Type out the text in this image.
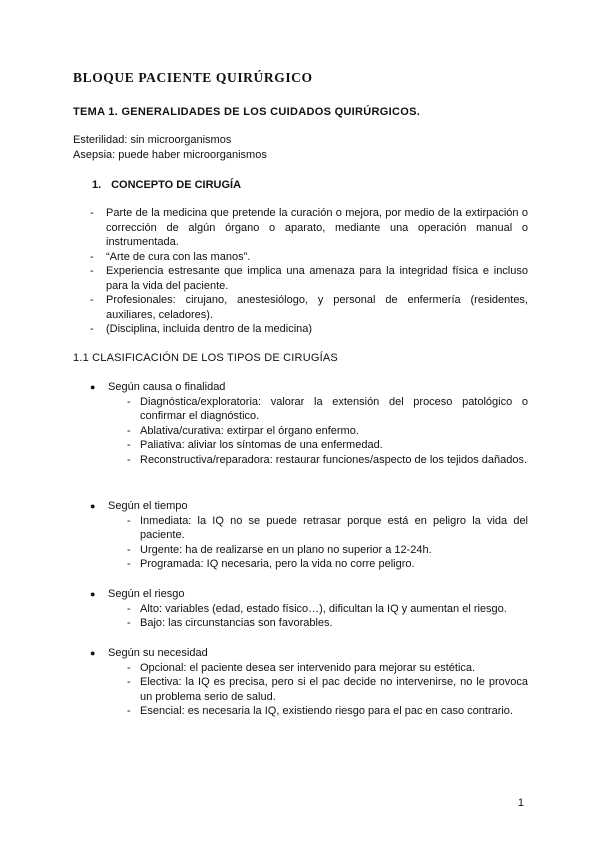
BLOQUE PACIENTE QUIRÚRGICO
TEMA 1. GENERALIDADES DE LOS CUIDADOS QUIRÚRGICOS.
Esterilidad: sin microorganismos
Asepsia: puede haber microorganismos
1. CONCEPTO DE CIRUGÍA
- Parte de la medicina que pretende la curación o mejora, por medio de la extirpación o corrección de algún órgano o aparato, mediante una operación manual o instrumentada.
- “Arte de cura con las manos”.
- Experiencia estresante que implica una amenaza para la integridad física e incluso para la vida del paciente.
- Profesionales: cirujano, anestesiólogo, y personal de enfermería (residentes, auxiliares, celadores).
- (Disciplina, incluida dentro de la medicina)
1.1 CLASIFICACIÓN DE LOS TIPOS DE CIRUGÍAS
● Según causa o finalidad
- Diagnóstica/exploratoria: valorar la extensión del proceso patológico o confirmar el diagnóstico.
- Ablativa/curativa: extirpar el órgano enfermo.
- Paliativa: aliviar los síntomas de una enfermedad.
- Reconstructiva/reparadora: restaurar funciones/aspecto de los tejidos dañados.
● Según el tiempo
- Inmediata: la IQ no se puede retrasar porque está en peligro la vida del paciente.
- Urgente: ha de realizarse en un plano no superior a 12-24h.
- Programada: IQ necesaria, pero la vida no corre peligro.
● Según el riesgo
- Alto: variables (edad, estado físico…), dificultan la IQ y aumentan el riesgo.
- Bajo: las circunstancias son favorables.
● Según su necesidad
- Opcional: el paciente desea ser intervenido para mejorar su estética.
- Electiva: la IQ es precisa, pero si el pac decide no intervenirse, no le provoca un problema serio de salud.
- Esencial: es necesaria la IQ, existiendo riesgo para el pac en caso contrario.
1
